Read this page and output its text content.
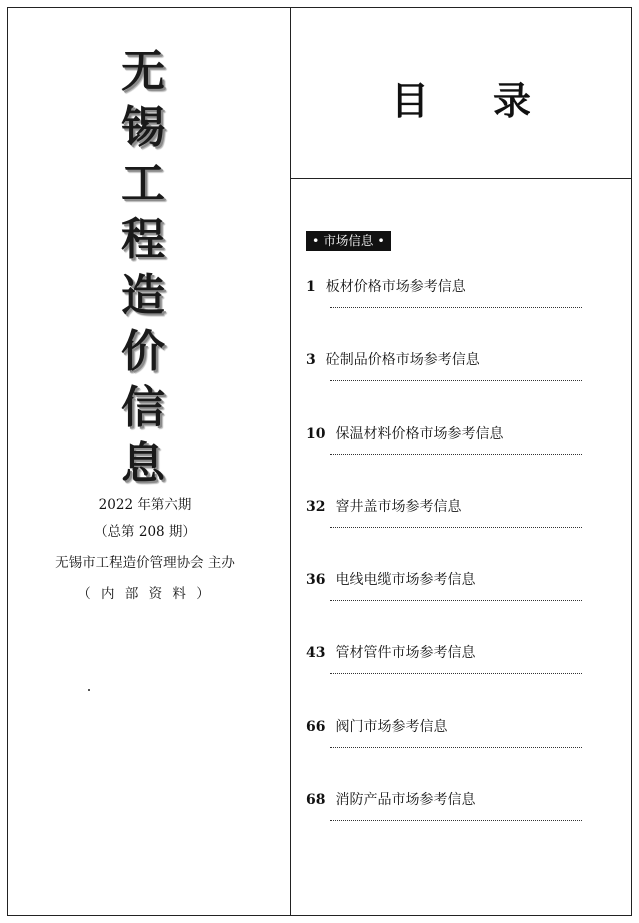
无
锡
工
程
造
价
信
息
2022 年第六期
（总第 208 期）
无锡市工程造价管理协会 主办
（ 内 部 资 料 ）
目 录
• 市场信息 •
1 板材价格市场参考信息
3 砼制品价格市场参考信息
10 保温材料价格市场参考信息
32 窨井盖市场参考信息
36 电线电缆市场参考信息
43 管材管件市场参考信息
66 阀门市场参考信息
68 消防产品市场参考信息
